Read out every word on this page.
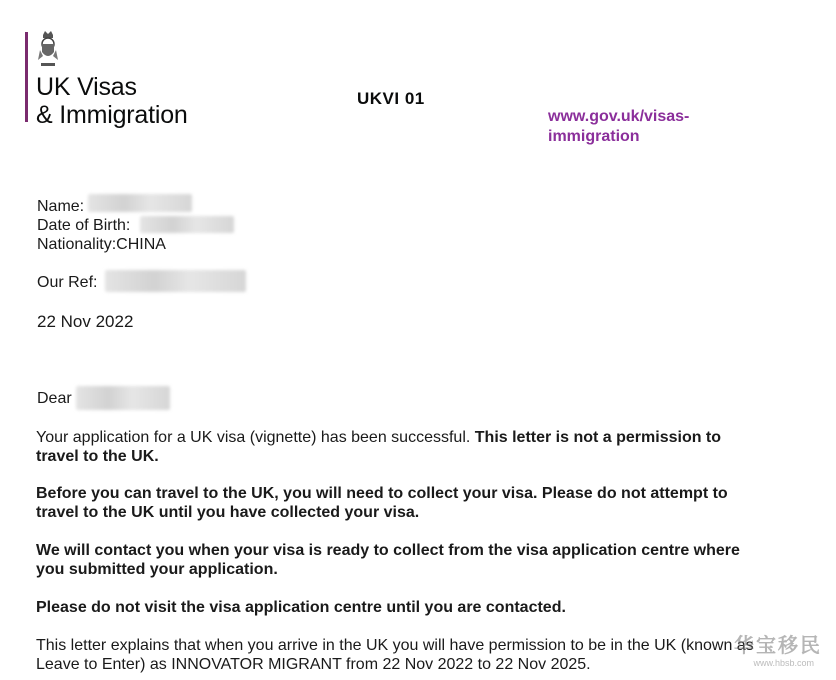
UK Visas
& Immigration
UKVI 01
www.gov.uk/visas-immigration
Name:
Date of Birth:
Nationality:CHINA
Our Ref:
22 Nov 2022
Dear
Your application for a UK visa (vignette) has been successful. This letter is not a permission to travel to the UK.
Before you can travel to the UK, you will need to collect your visa. Please do not attempt to travel to the UK until you have collected your visa.
We will contact you when your visa is ready to collect from the visa application centre where you submitted your application.
Please do not visit the visa application centre until you are contacted.
This letter explains that when you arrive in the UK you will have permission to be in the UK (known as Leave to Enter) as INNOVATOR MIGRANT from 22 Nov 2022 to 22 Nov 2025.
华宝移民
www.hbsb.com
